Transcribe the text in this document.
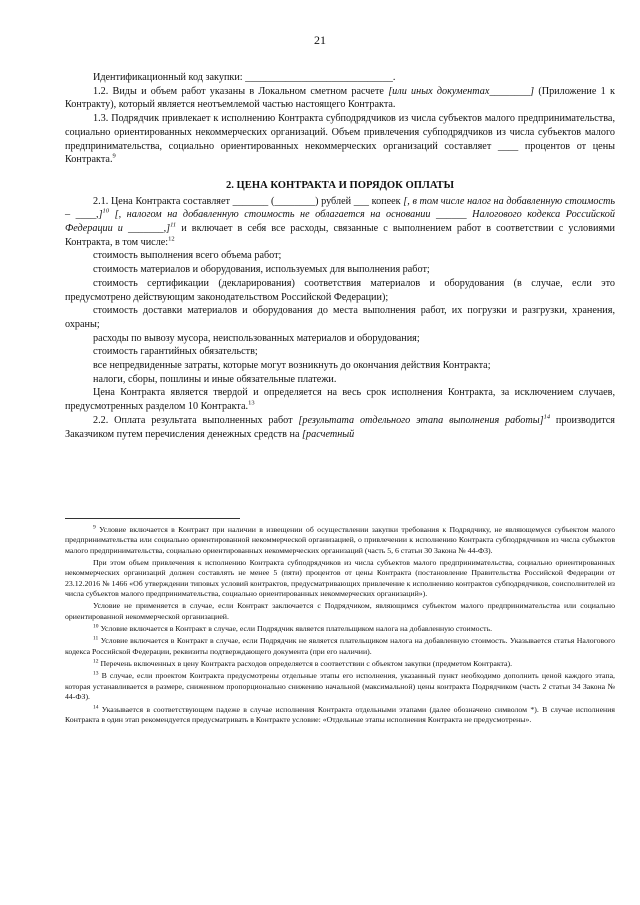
21

Идентификационный код закупки: _____________________________.

1.2. Виды и объем работ указаны в Локальном сметном расчете [или иных документах________] (Приложение 1 к Контракту), который является неотъемлемой частью настоящего Контракта.

1.3. Подрядчик привлекает к исполнению Контракта субподрядчиков из числа субъектов малого предпринимательства, социально ориентированных некоммерческих организаций. Объем привлечения субподрядчиков из числа субъектов малого предпринимательства, социально ориентированных некоммерческих организаций составляет ____ процентов от цены Контракта.$^9$

2. ЦЕНА КОНТРАКТА И ПОРЯДОК ОПЛАТЫ

2.1. Цена Контракта составляет _______ (________) рублей ___ копеек [, в том числе налог на добавленную стоимость – ____,]$^{10}$ [, налогом на добавленную стоимость не облагается на основании ______ Налогового кодекса Российской Федерации и _______,]$^{11}$ и включает в себя все расходы, связанные с выполнением работ в соответствии с условиями Контракта, в том числе:$^{12}$

стоимость выполнения всего объема работ;

стоимость материалов и оборудования, используемых для выполнения работ;

стоимость сертификации (декларирования) соответствия материалов и оборудования (в случае, если это предусмотрено действующим законодательством Российской Федерации);

стоимость доставки материалов и оборудования до места выполнения работ, их погрузки и разгрузки, хранения, охраны;

расходы по вывозу мусора, неиспользованных материалов и оборудования;

стоимость гарантийных обязательств;

все непредвиденные затраты, которые могут возникнуть до окончания действия Контракта;

налоги, сборы, пошлины и иные обязательные платежи.

Цена Контракта является твердой и определяется на весь срок исполнения Контракта, за исключением случаев, предусмотренных разделом 10 Контракта.$^{13}$

2.2. Оплата результата выполненных работ [результата отдельного этапа выполнения работы]$^{14}$ производится Заказчиком путем перечисления денежных средств на [расчетный

$^9$ Условие включается в Контракт при наличии в извещении об осуществлении закупки требования к Подрядчику, не являющемуся субъектом малого предпринимательства или социально ориентированной некоммерческой организацией, о привлечении к исполнению Контракта субподрядчиков из числа субъектов малого предпринимательства, социально ориентированных некоммерческих организаций (часть 5, 6 статьи 30 Закона № 44-ФЗ).

При этом объем привлечения к исполнению Контракта субподрядчиков из числа субъектов малого предпринимательства, социально ориентированных некоммерческих организаций должен составлять не менее 5 (пяти) процентов от цены Контракта (постановление Правительства Российской Федерации от 23.12.2016 № 1466 «Об утверждении типовых условий контрактов, предусматривающих привлечение к исполнению контрактов субподрядчиков, соисполнителей из числа субъектов малого предпринимательства, социально ориентированных некоммерческих организаций»).

Условие не применяется в случае, если Контракт заключается с Подрядчиком, являющимся субъектом малого предпринимательства или социально ориентированной некоммерческой организацией.

$^{10}$ Условие включается в Контракт в случае, если Подрядчик является плательщиком налога на добавленную стоимость.

$^{11}$ Условие включается в Контракт в случае, если Подрядчик не является плательщиком налога на добавленную стоимость. Указывается статья Налогового кодекса Российской Федерации, реквизиты подтверждающего документа (при его наличии).

$^{12}$ Перечень включенных в цену Контракта расходов определяется в соответствии с объектом закупки (предметом Контракта).

$^{13}$ В случае, если проектом Контракта предусмотрены отдельные этапы его исполнения, указанный пункт необходимо дополнить ценой каждого этапа, которая устанавливается в размере, сниженном пропорционально снижению начальной (максимальной) цены контракта Подрядчиком (часть 2 статьи 34 Закона № 44-ФЗ).

$^{14}$ Указывается в соответствующем падеже в случае исполнения Контракта отдельными этапами (далее обозначено символом *). В случае исполнения Контракта в один этап рекомендуется предусматривать в Контракте условие: «Отдельные этапы исполнения Контракта не предусмотрены».
